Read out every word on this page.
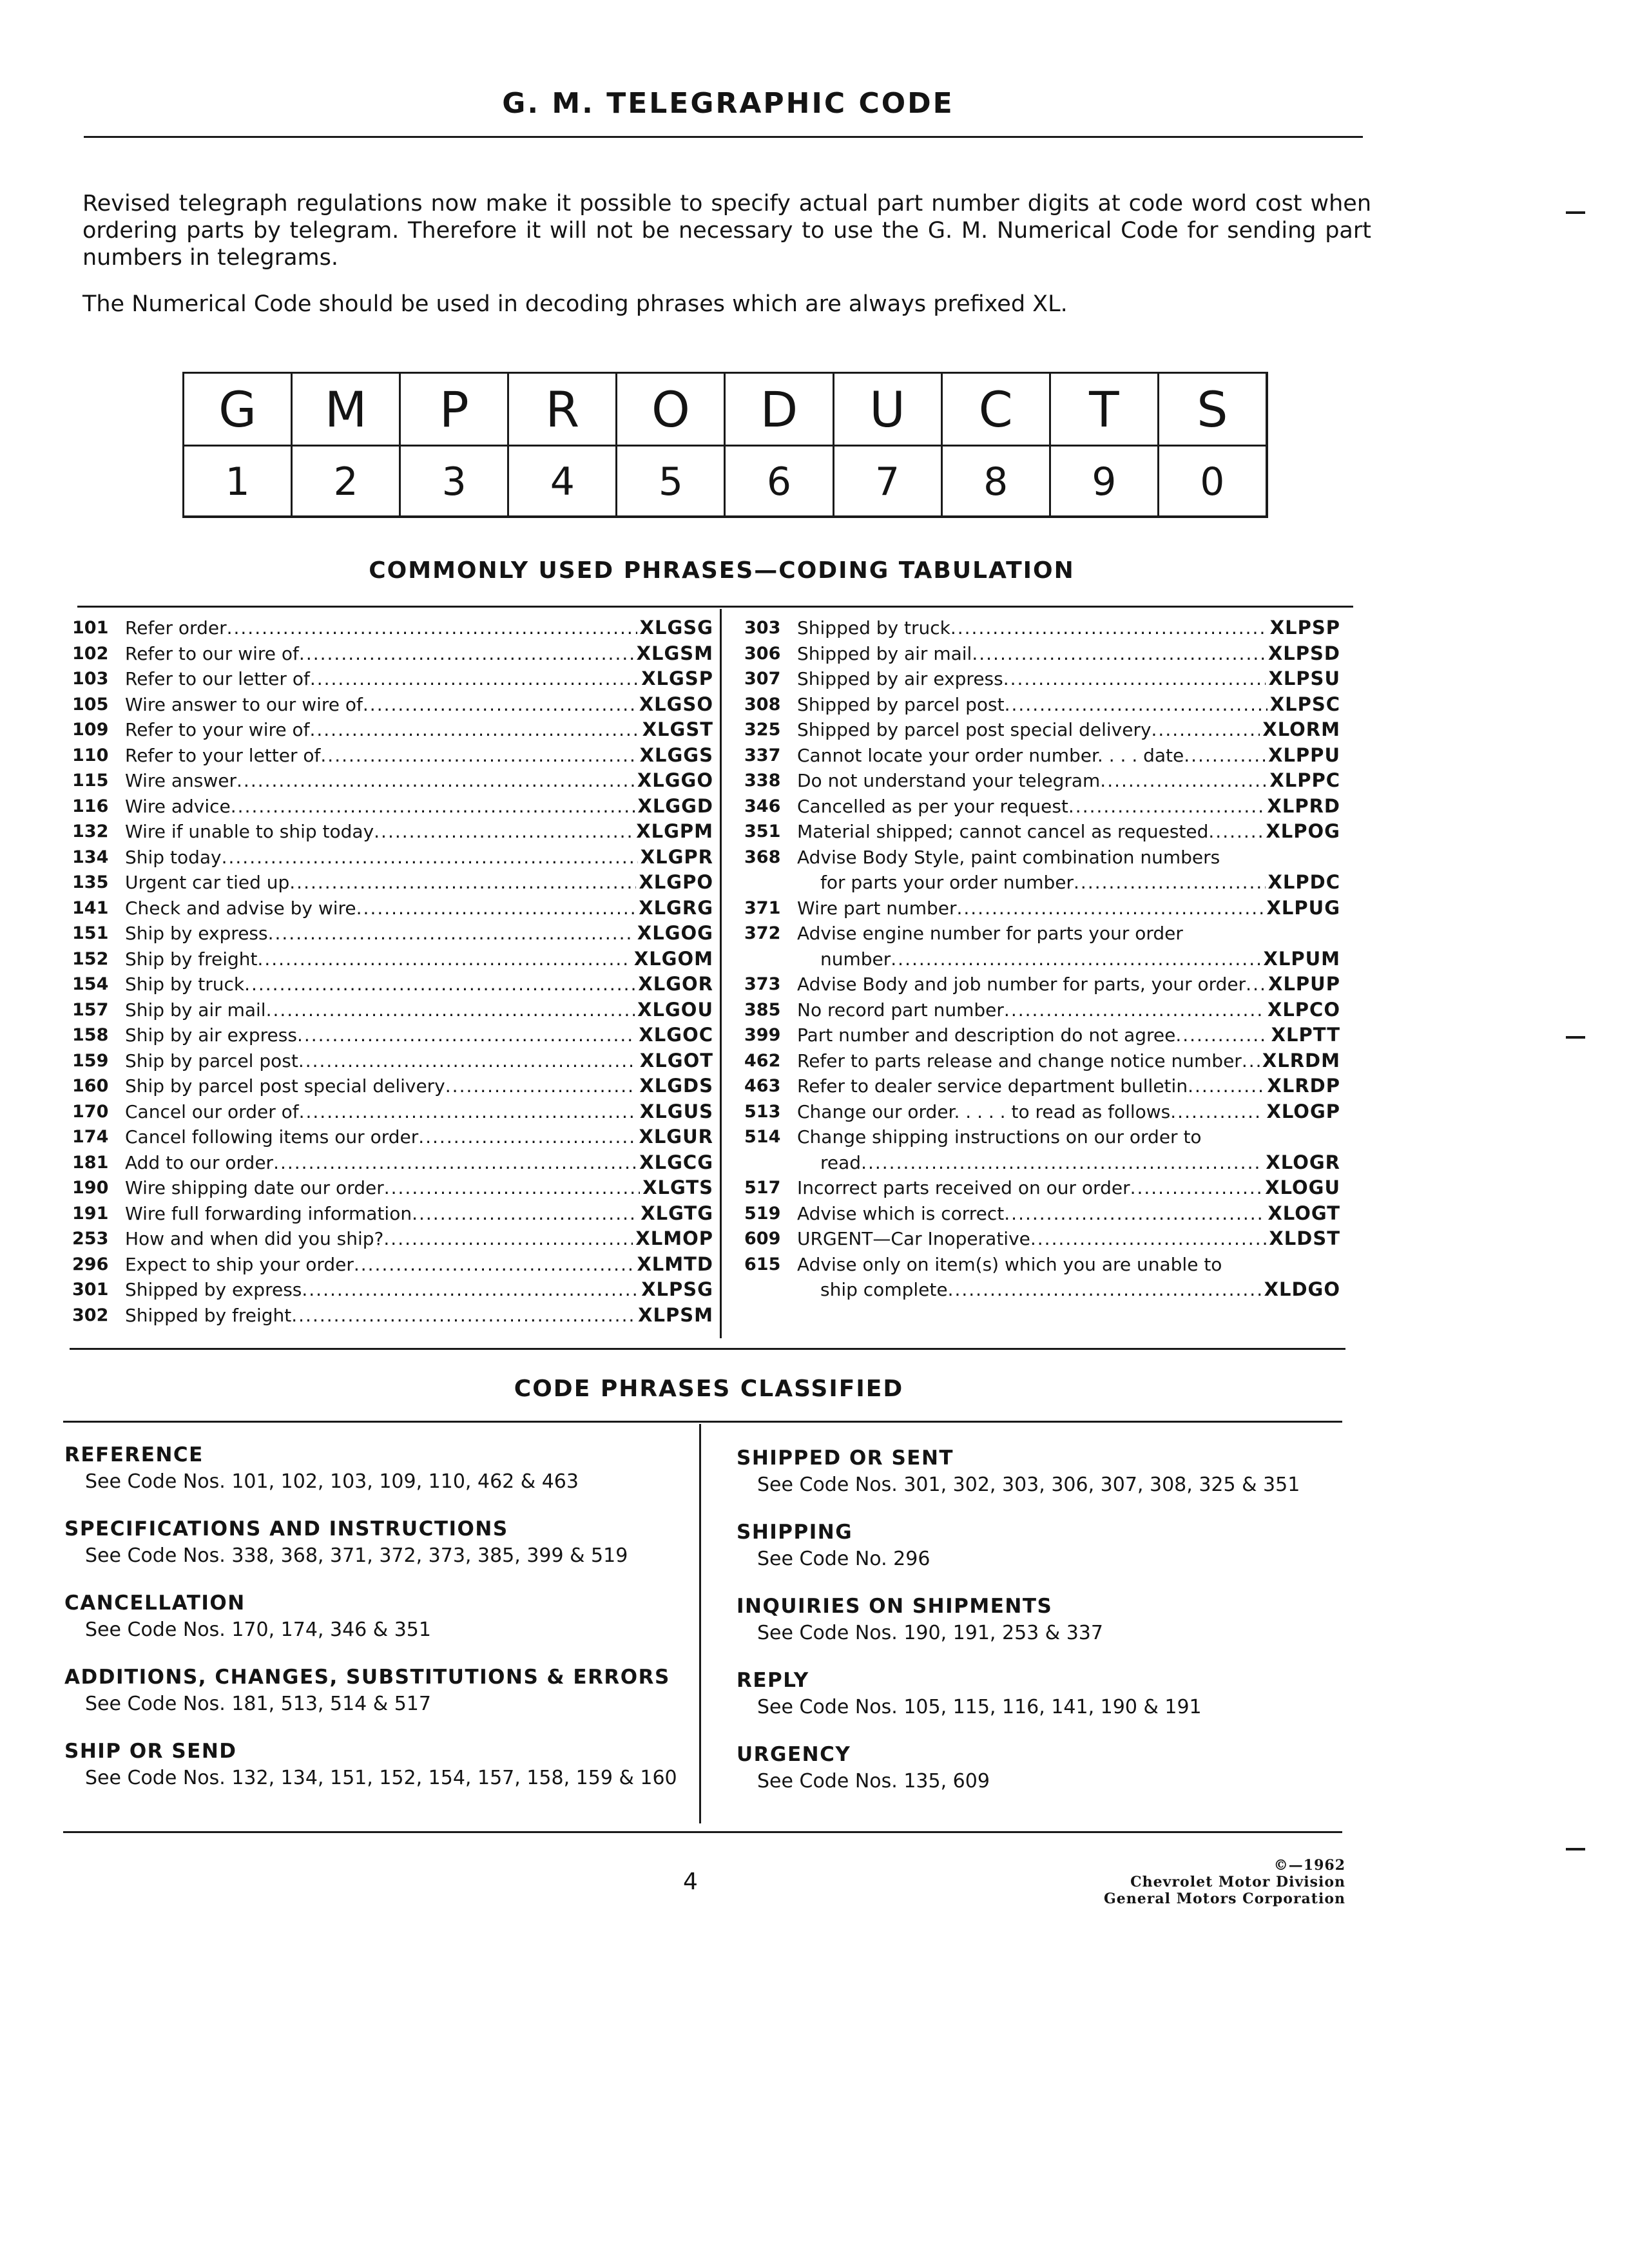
G. M. TELEGRAPHIC CODE
Revised telegraph regulations now make it possible to specify actual part number digits at code word cost when ordering parts by telegram. Therefore it will not be necessary to use the G. M. Numerical Code for sending part numbers in telegrams.
The Numerical Code should be used in decoding phrases which are always prefixed XL.
G	M	P	R	O	D	U	C	T	S
1	2	3	4	5	6	7	8	9	0
COMMONLY USED PHRASES—CODING TABULATION
101 Refer order .....	XLGSG
102 Refer to our wire of .....	XLGSM
103 Refer to our letter of .....	XLGSP
105 Wire answer to our wire of .....	XLGSO
109 Refer to your wire of .....	XLGST
110 Refer to your letter of .....	XLGGS
115 Wire answer .....	XLGGO
116 Wire advice .....	XLGGD
132 Wire if unable to ship today .....	XLGPM
134 Ship today .....	XLGPR
135 Urgent car tied up .....	XLGPO
141 Check and advise by wire .....	XLGRG
151 Ship by express .....	XLGOG
152 Ship by freight .....	XLGOM
154 Ship by truck .....	XLGOR
157 Ship by air mail .....	XLGOU
158 Ship by air express .....	XLGOC
159 Ship by parcel post .....	XLGOT
160 Ship by parcel post special delivery .....	XLGDS
170 Cancel our order of .....	XLGUS
174 Cancel following items our order .....	XLGUR
181 Add to our order .....	XLGCG
190 Wire shipping date our order .....	XLGTS
191 Wire full forwarding information .....	XLGTG
253 How and when did you ship? .....	XLMOP
296 Expect to ship your order .....	XLMTD
301 Shipped by express .....	XLPSG
302 Shipped by freight .....	XLPSM
303 Shipped by truck .....	XLPSP
306 Shipped by air mail .....	XLPSD
307 Shipped by air express .....	XLPSU
308 Shipped by parcel post .....	XLPSC
325 Shipped by parcel post special delivery .....	XLORM
337 Cannot locate your order number. . . . date .....	XLPPU
338 Do not understand your telegram .....	XLPPC
346 Cancelled as per your request .....	XLPRD
351 Material shipped; cannot cancel as requested .....	XLPOG
368 Advise Body Style, paint combination numbers
for parts your order number .....	XLPDC
371 Wire part number .....	XLPUG
372 Advise engine number for parts your order
number .....	XLPUM
373 Advise Body and job number for parts, your order ..... XLPUP
385 No record part number .....	XLPCO
399 Part number and description do not agree .....	XLPTT
462 Refer to parts release and change notice number ..... XLRDM
463 Refer to dealer service department bulletin .....	XLRDP
513 Change our order. . . . . to read as follows .....	XLOGP
514 Change shipping instructions on our order to
read .....	XLOGR
517 Incorrect parts received on our order .....	XLOGU
519 Advise which is correct .....	XLOGT
609 URGENT—Car Inoperative .....	XLDST
615 Advise only on item(s) which you are unable to
ship complete .....	XLDGO
CODE PHRASES CLASSIFIED
REFERENCE
See Code Nos. 101, 102, 103, 109, 110, 462 & 463
SPECIFICATIONS AND INSTRUCTIONS
See Code Nos. 338, 368, 371, 372, 373, 385, 399 & 519
CANCELLATION
See Code Nos. 170, 174, 346 & 351
ADDITIONS, CHANGES, SUBSTITUTIONS & ERRORS
See Code Nos. 181, 513, 514 & 517
SHIP OR SEND
See Code Nos. 132, 134, 151, 152, 154, 157, 158, 159 & 160
SHIPPED OR SENT
See Code Nos. 301, 302, 303, 306, 307, 308, 325 & 351
SHIPPING
See Code No. 296
INQUIRIES ON SHIPMENTS
See Code Nos. 190, 191, 253 & 337
REPLY
See Code Nos. 105, 115, 116, 141, 190 & 191
URGENCY
See Code Nos. 135, 609
4
©—1962
Chevrolet Motor Division
General Motors Corporation
